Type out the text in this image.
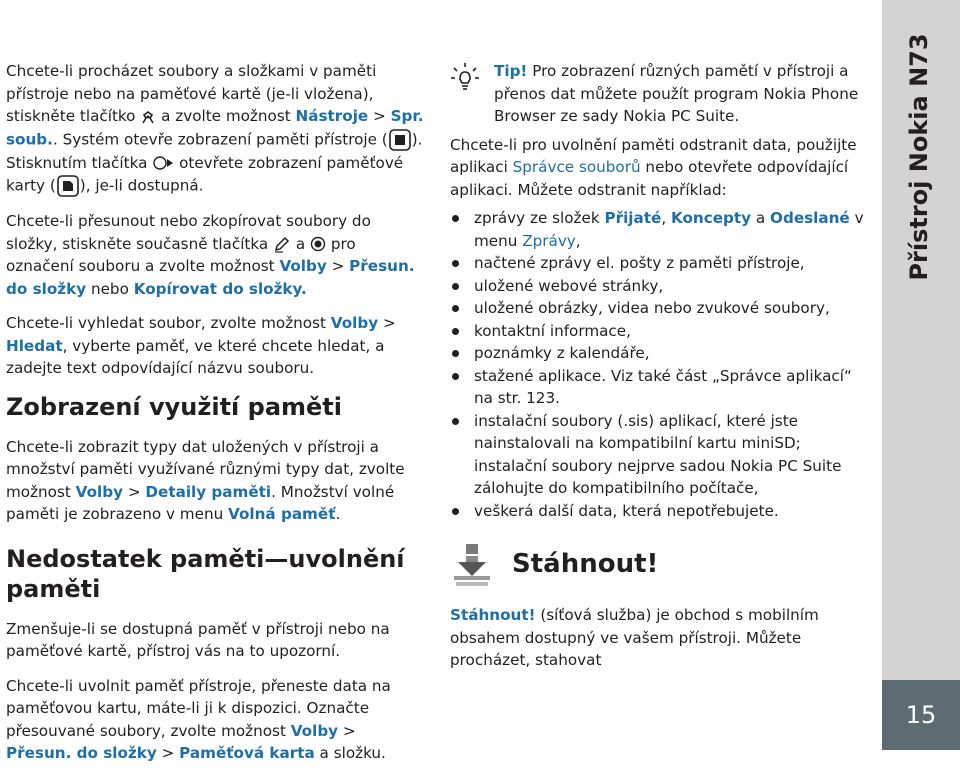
Chcete-li procházet soubory a složkami v paměti přístroje nebo na paměťové kartě (je-li vložena), stiskněte tlačítko  a zvolte možnost Nástroje > Spr. soub.. Systém otevře zobrazení paměti přístroje ( ). Stisknutím tlačítka  otevřete zobrazení paměťové karty ( ), je-li dostupná.

Chcete-li přesunout nebo zkopírovat soubory do složky, stiskněte současně tlačítka  a  pro označení souboru a zvolte možnost Volby > Přesun. do složky nebo Kopírovat do složky.

Chcete-li vyhledat soubor, zvolte možnost Volby > Hledat, vyberte paměť, ve které chcete hledat, a zadejte text odpovídající názvu souboru.

Zobrazení využití paměti

Chcete-li zobrazit typy dat uložených v přístroji a množství paměti využívané různými typy dat, zvolte možnost Volby > Detaily paměti. Množství volné paměti je zobrazeno v menu Volná paměť.

Nedostatek paměti—uvolnění paměti

Zmenšuje-li se dostupná paměť v přístroji nebo na paměťové kartě, přístroj vás na to upozorní.

Chcete-li uvolnit paměť přístroje, přeneste data na paměťovou kartu, máte-li ji k dispozici. Označte přesouvané soubory, zvolte možnost Volby > Přesun. do složky > Paměťová karta a složku.

Tip! Pro zobrazení různých pamětí v přístroji a přenos dat můžete použít program Nokia Phone Browser ze sady Nokia PC Suite.

Chcete-li pro uvolnění paměti odstranit data, použijte aplikaci Správce souborů nebo otevřete odpovídající aplikaci. Můžete odstranit například:

zprávy ze složek Přijaté, Koncepty a Odeslané v menu Zprávy,
načtené zprávy el. pošty z paměti přístroje,
uložené webové stránky,
uložené obrázky, videa nebo zvukové soubory,
kontaktní informace,
poznámky z kalendáře,
stažené aplikace. Viz také část „Správce aplikací“ na str. 123.
instalační soubory (.sis) aplikací, které jste nainstalovali na kompatibilní kartu miniSD; instalační soubory nejprve sadou Nokia PC Suite zálohujte do kompatibilního počítače,
veškerá další data, která nepotřebujete.
Stáhnout!

Stáhnout! (síťová služba) je obchod s mobilním obsahem dostupný ve vašem přístroji. Můžete procházet, stahovat

Přístroj Nokia N73
15
